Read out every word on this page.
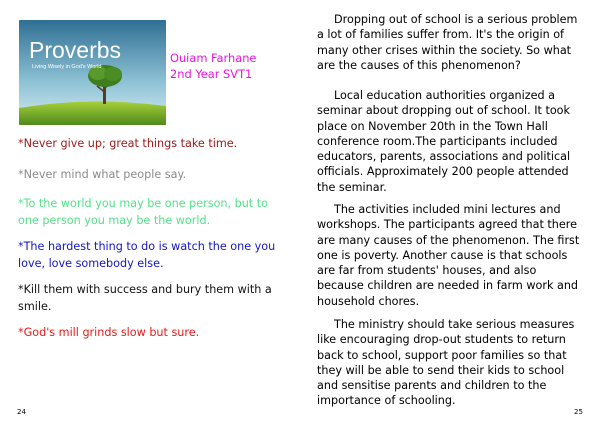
Proverbs
Living Wisely in God's World
Ouiam Farhane
2nd Year SVT1

*Never give up; great things take time.

*Never mind what people say.

*To the world you may be one person, but to one person you may be the world.

*The hardest thing to do is watch the one you love, love somebody else.

*Kill them with success and bury them with a smile.

*God's mill grinds slow but sure.

24

Dropping out of school is a serious problem a lot of families suffer from. It's the origin of many other crises within the society. So what are the causes of this phenomenon?

Local education authorities organized a seminar about dropping out of school. It took place on November 20th in the Town Hall conference room.The participants included educators, parents, associations and political officials. Approximately 200 people attended the seminar.

The activities included mini lectures and workshops. The participants agreed that there are many causes of the phenomenon. The first one is poverty. Another cause is that schools are far from students' houses, and also because children are needed in farm work and household chores.

The ministry should take serious measures like encouraging drop-out students to return back to school, support poor families so that they will be able to send their kids to school and sensitise parents and children to the importance of schooling.

25
